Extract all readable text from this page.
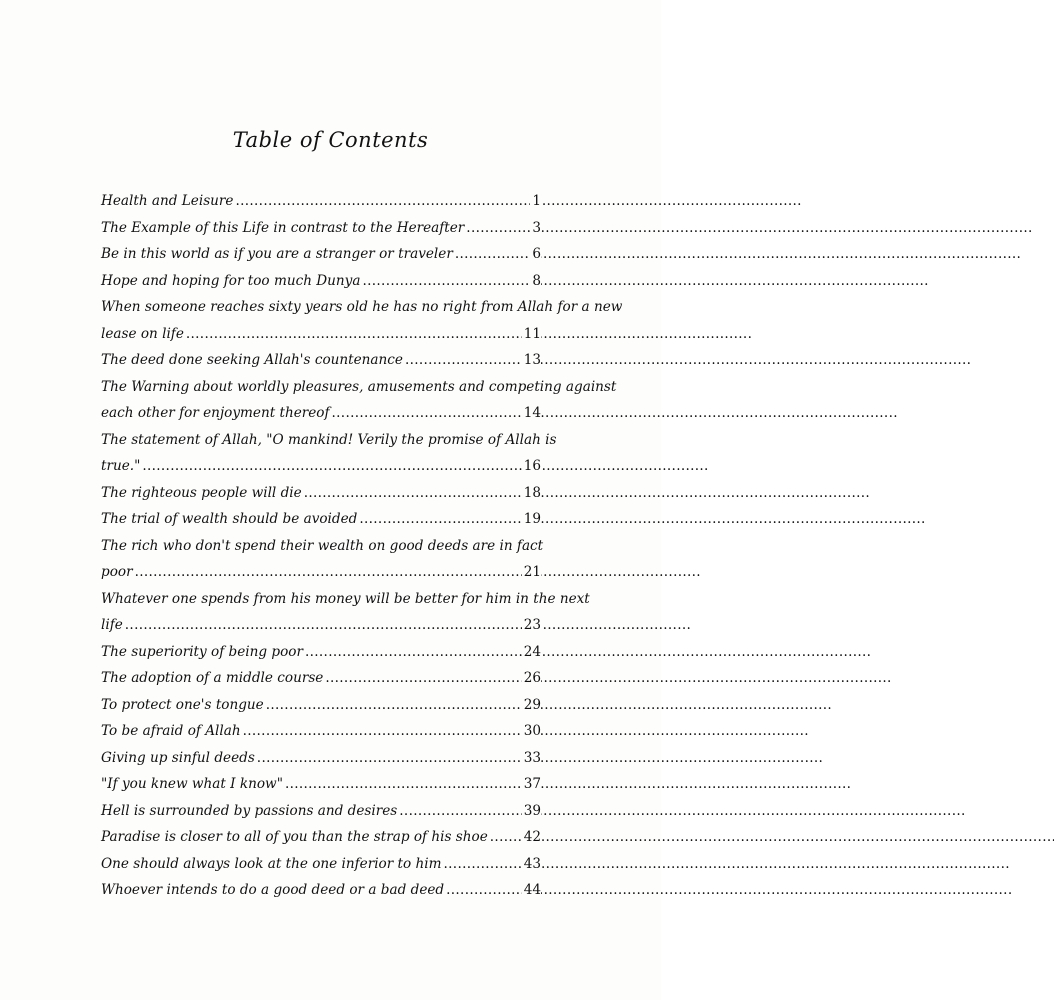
Table of Contents
1
Health and Leisure
. . .
3
The Example of this Life in contrast to the Hereafter
. . .
6
Be in this world as if you are a stranger or traveler
. . .
8
Hope and hoping for too much Dunya
. . .
When someone reaches sixty years old he has no right from Allah for a new
11
lease on life
. . .
13
The deed done seeking Allah's countenance
. . .
The Warning about worldly pleasures, amusements and competing against
14
each other for enjoyment thereof
. . .
The statement of Allah, "O mankind! Verily the promise of Allah is
16
true."
. . .
18
The righteous people will die
. . .
19
The trial of wealth should be avoided
. . .
The rich who don't spend their wealth on good deeds are in fact
21
poor
. . .
Whatever one spends from his money will be better for him in the next
23
life
. . .
24
The superiority of being poor
. . .
26
The adoption of a middle course
. . .
29
To protect one's tongue
. . .
30
To be afraid of Allah
. . .
33
Giving up sinful deeds
. . .
37
"If you knew what I know"
. . .
39
Hell is surrounded by passions and desires
. . .
42
Paradise is closer to all of you than the strap of his shoe
. . .
43
One should always look at the one inferior to him
. . .
44
Whoever intends to do a good deed or a bad deed
. . .
